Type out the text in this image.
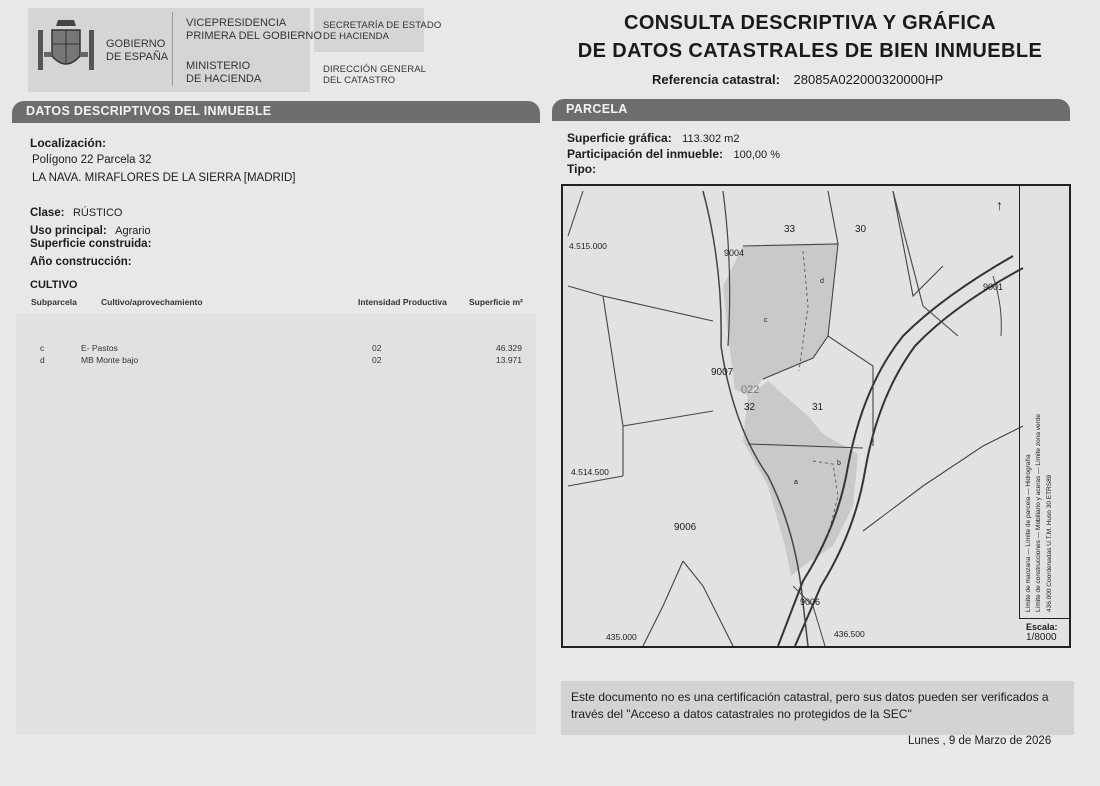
GOBIERNO
DE ESPAÑA
VICEPRESIDENCIA
PRIMERA DEL GOBIERNO
MINISTERIO
DE HACIENDA
SECRETARÍA DE ESTADO
DE HACIENDA
DIRECCIÓN GENERAL
DEL CATASTRO
CONSULTA DESCRIPTIVA Y GRÁFICA
DE DATOS CATASTRALES DE BIEN INMUEBLE
Referencia catastral: 28085A022000320000HP
DATOS DESCRIPTIVOS DEL INMUEBLE
Localización:
Polígono 22 Parcela 32
LA NAVA. MIRAFLORES DE LA SIERRA [MADRID]
Clase: RÚSTICO
Uso principal: Agrario
Superficie construida:
Año construcción:
CULTIVO
Subparcela	Cultivo/aprovechamiento	Intensidad Productiva	Superficie m²
c	E- Pastos	02	46.329
d	MB Monte bajo	02	13.971
PARCELA
Superficie gráfica: 113.302 m2
Participación del inmueble: 100,00 %
Tipo:
33	30
9004
9001
9007
022
32	31
9006
9006
a
b
c
d
4.515.000
4.514.500
435.000	436.500
↑
Límite de manzana — Límite de parcela — Hidrografía
Límite de construcciones — Mobiliario y aceras — Límite zona verde
436.000 Coordenadas U.T.M. Huso 30 ETRS89
Escala:
1/8000
Este documento no es una certificación catastral, pero sus datos pueden ser verificados a
través del "Acceso a datos catastrales no protegidos de la SEC"
Lunes , 9 de Marzo de 2026
